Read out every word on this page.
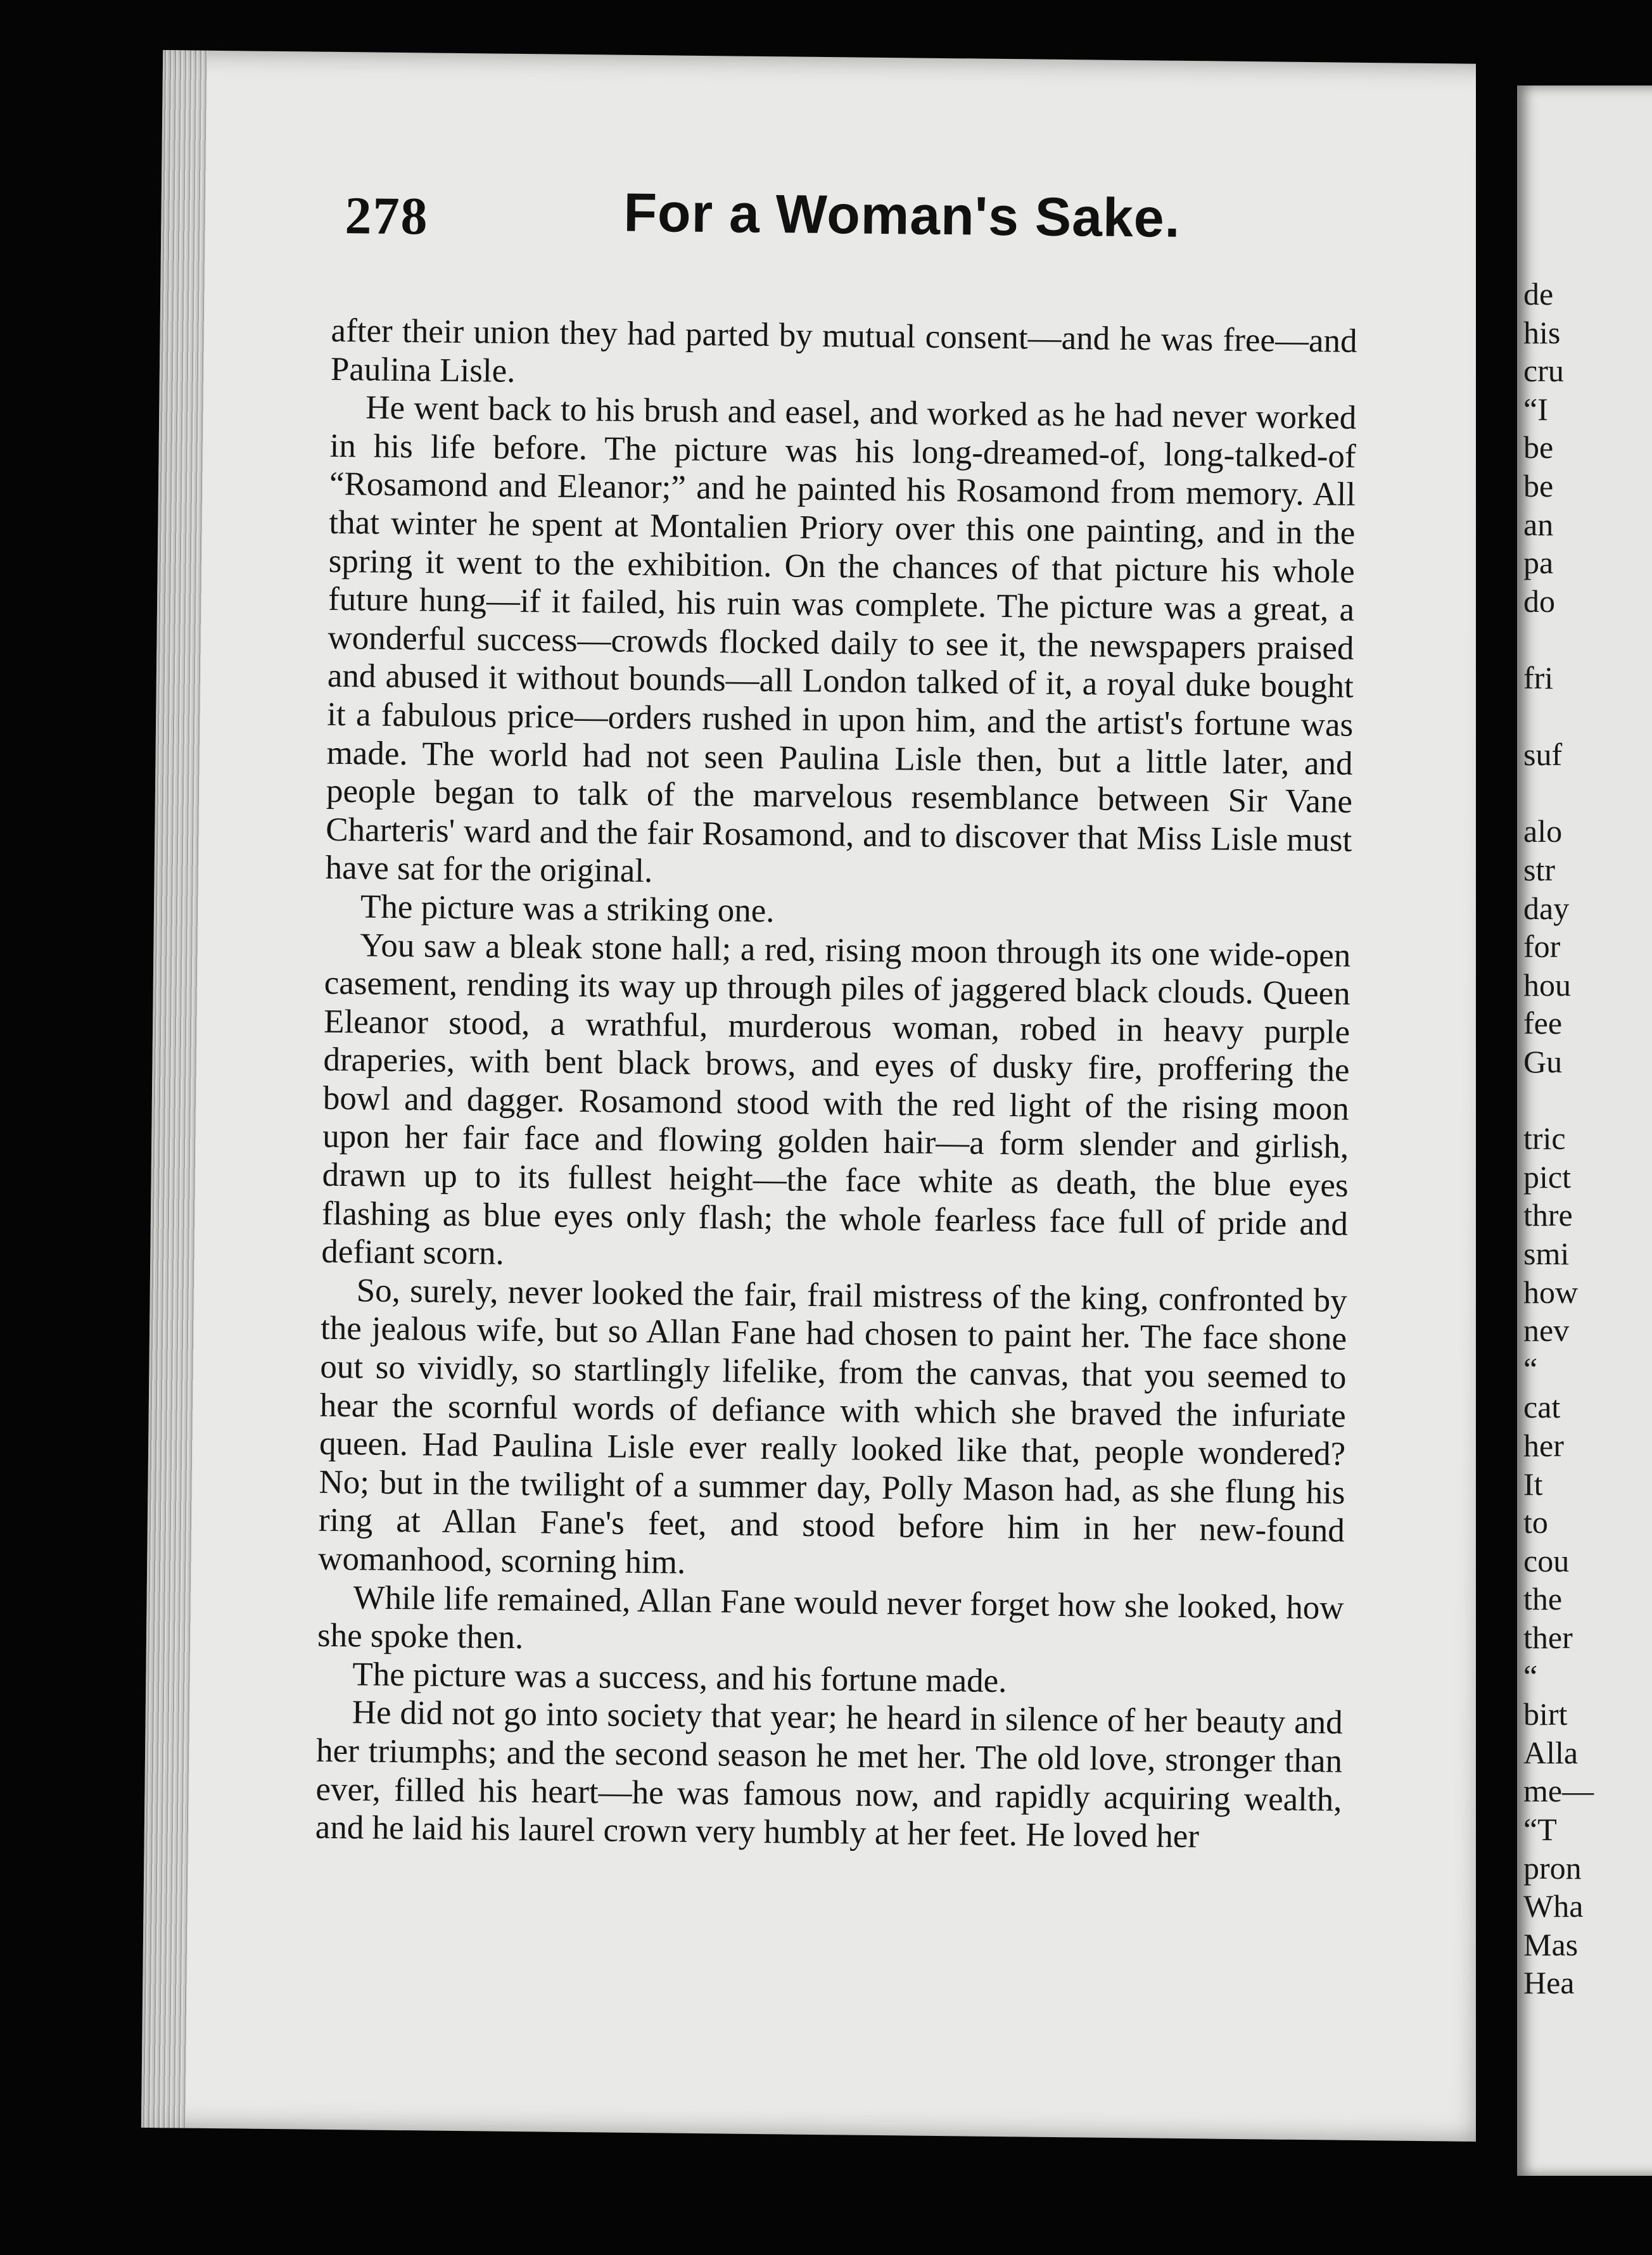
278	For a Woman's Sake.

after their union they had parted by mutual consent—and he was free—and Paulina Lisle.

He went back to his brush and easel, and worked as he had never worked in his life before. The picture was his long-dreamed-of, long-talked-of “Rosamond and Eleanor;” and he painted his Rosamond from memory. All that winter he spent at Montalien Priory over this one painting, and in the spring it went to the exhibition. On the chances of that picture his whole future hung—if it failed, his ruin was complete. The picture was a great, a wonderful success—crowds flocked daily to see it, the newspapers praised and abused it without bounds—all London talked of it, a royal duke bought it a fabulous price—orders rushed in upon him, and the artist's fortune was made. The world had not seen Paulina Lisle then, but a little later, and people began to talk of the marvelous resemblance between Sir Vane Charteris' ward and the fair Rosamond, and to discover that Miss Lisle must have sat for the original.

The picture was a striking one.

You saw a bleak stone hall; a red, rising moon through its one wide-open casement, rending its way up through piles of jaggered black clouds. Queen Eleanor stood, a wrathful, murderous woman, robed in heavy purple draperies, with bent black brows, and eyes of dusky fire, proffering the bowl and dagger. Rosamond stood with the red light of the rising moon upon her fair face and flowing golden hair—a form slender and girlish, drawn up to its fullest height—the face white as death, the blue eyes flashing as blue eyes only flash; the whole fearless face full of pride and defiant scorn.

So, surely, never looked the fair, frail mistress of the king, confronted by the jealous wife, but so Allan Fane had chosen to paint her. The face shone out so vividly, so startlingly lifelike, from the canvas, that you seemed to hear the scornful words of defiance with which she braved the infuriate queen. Had Paulina Lisle ever really looked like that, people wondered? No; but in the twilight of a summer day, Polly Mason had, as she flung his ring at Allan Fane's feet, and stood before him in her new-found womanhood, scorning him.

While life remained, Allan Fane would never forget how she looked, how she spoke then.

The picture was a success, and his fortune made.

He did not go into society that year; he heard in silence of her beauty and her triumphs; and the second season he met her. The old love, stronger than ever, filled his heart—he was famous now, and rapidly acquiring wealth, and he laid his laurel crown very humbly at her feet. He loved her

de
his
cru
“I
be
be
an
pa
do
fri
suf
alo
str
day
for
hou
fee
Gu
tric
pict
thre
smi
how
nev
“
cat
her
It
to
cou
the
ther
“
birt
Alla
me—
“T
pron
Wha
Mas
Hea
